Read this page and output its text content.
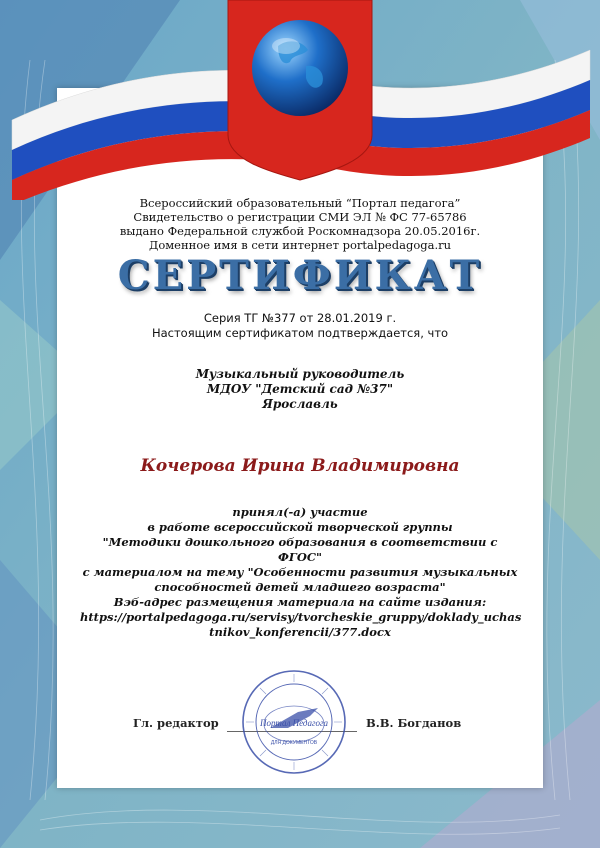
Всероссийский образовательный “Портал педагога”
Свидетельство о регистрации СМИ ЭЛ № ФС 77-65786
выдано Федеральной службой Роскомнадзора 20.05.2016г.
Доменное имя в сети интернет portalpedagoga.ru
СЕРТИФИКАТ
Серия ТГ №377 от 28.01.2019 г.
Настоящим сертификатом подтверждается, что
Музыкальный руководитель
МДОУ "Детский сад №37"
Ярославль
Кочерова Ирина Владимировна
принял(-а) участие
в работе всероссийской творческой группы
"Методики дошкольного образования в соответствии с
ФГОС"
с материалом на тему "Особенности развития музыкальных
способностей детей младшего возраста"
Вэб-адрес размещения материала на сайте издания:
https://portalpedagoga.ru/servisy/tvorcheskie_gruppy/doklady_uchas
tnikov_konferencii/377.docx
Гл. редактор	В.В. Богданов
Портал Педагога
ДЛЯ ДОКУМЕНТОВ
